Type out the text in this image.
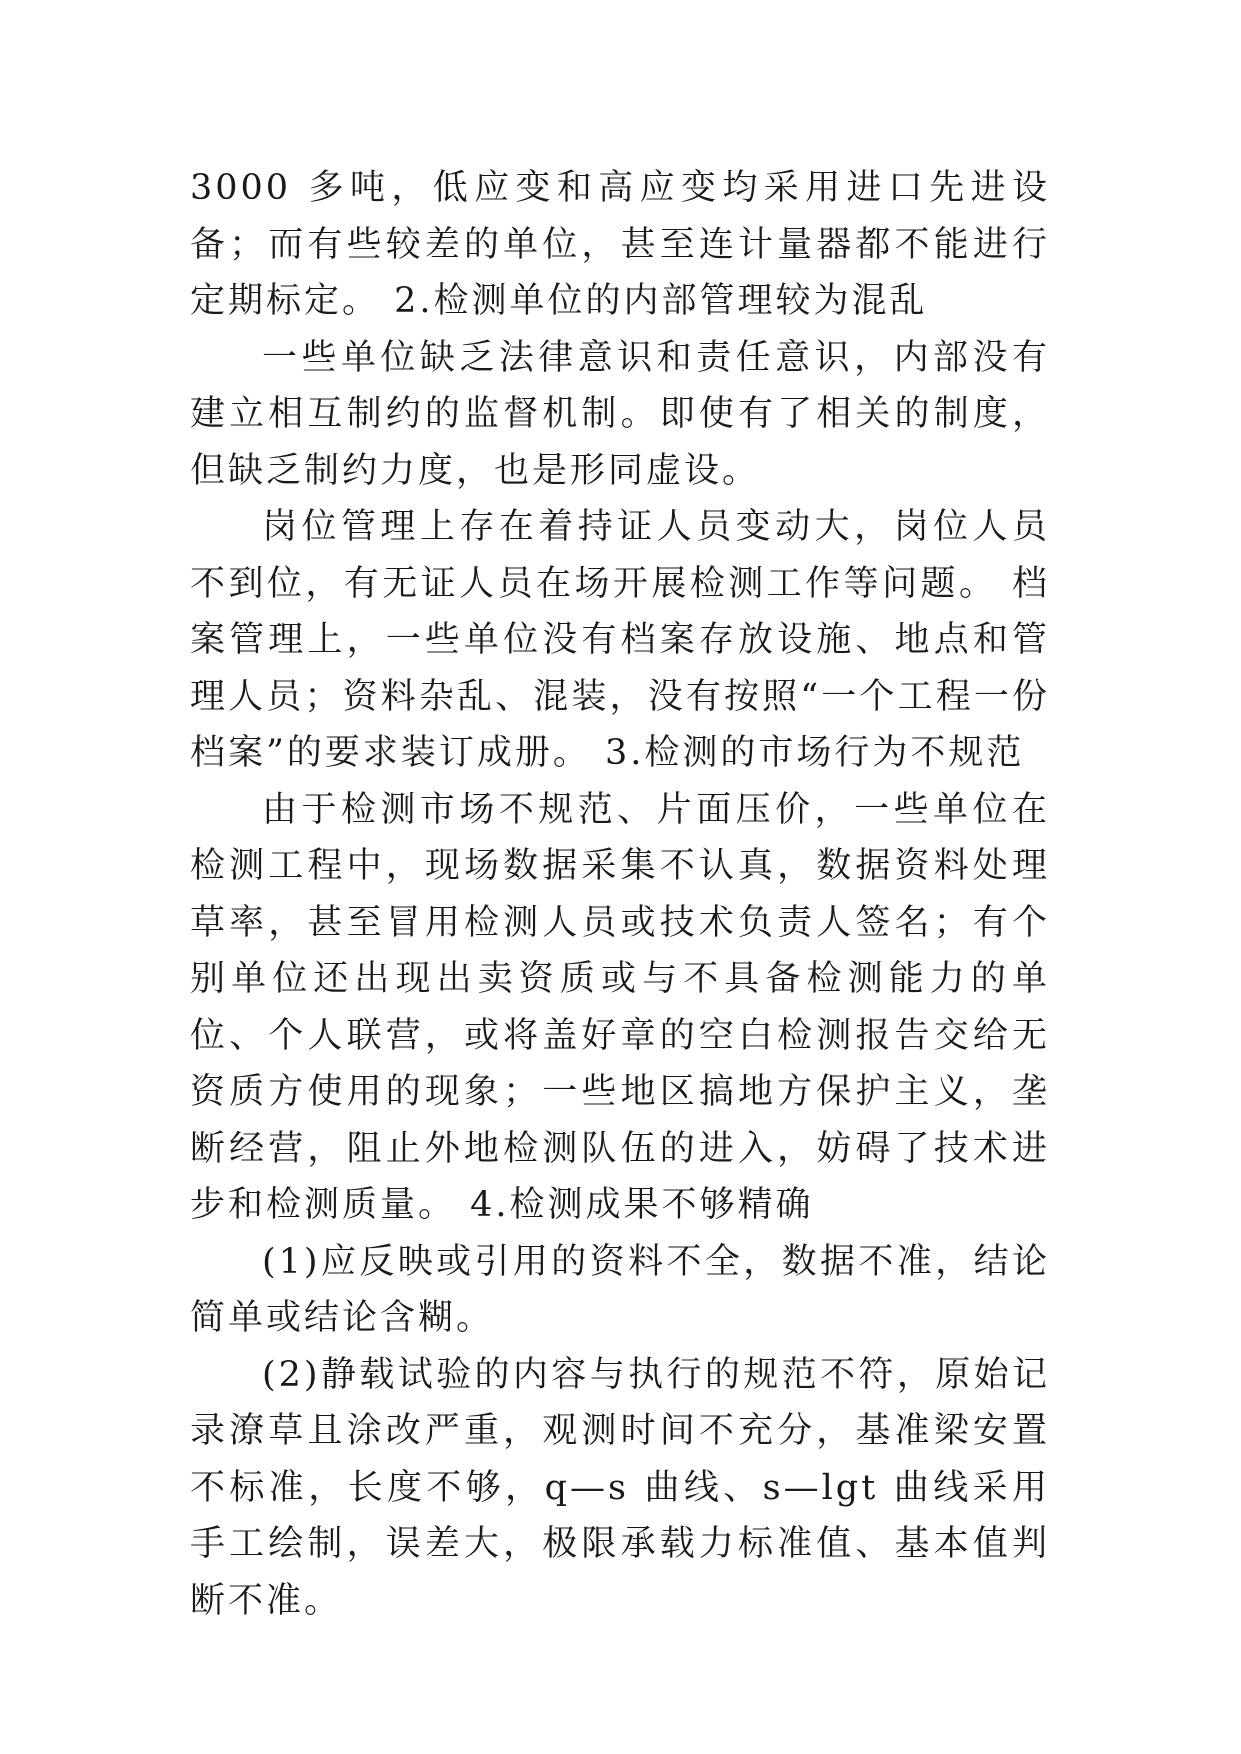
3000 多吨，低应变和高应变均采用进口先进设备；而有些较差的单位，甚至连计量器都不能进行定期标定。 2.检测单位的内部管理较为混乱

一些单位缺乏法律意识和责任意识，内部没有建立相互制约的监督机制。即使有了相关的制度，但缺乏制约力度，也是形同虚设。

岗位管理上存在着持证人员变动大，岗位人员不到位，有无证人员在场开展检测工作等问题。 档案管理上，一些单位没有档案存放设施、地点和管理人员；资料杂乱、混装，没有按照“一个工程一份档案”的要求装订成册。 3.检测的市场行为不规范

由于检测市场不规范、片面压价，一些单位在检测工程中，现场数据采集不认真，数据资料处理草率，甚至冒用检测人员或技术负责人签名；有个别单位还出现出卖资质或与不具备检测能力的单位、个人联营，或将盖好章的空白检测报告交给无资质方使用的现象；一些地区搞地方保护主义，垄断经营，阻止外地检测队伍的进入，妨碍了技术进步和检测质量。 4.检测成果不够精确

(1)应反映或引用的资料不全，数据不准，结论简单或结论含糊。

(2)静载试验的内容与执行的规范不符，原始记录潦草且涂改严重，观测时间不充分，基准梁安置不标准，长度不够，q—s 曲线、s—lgt 曲线采用手工绘制，误差大，极限承载力标准值、基本值判断不准。
